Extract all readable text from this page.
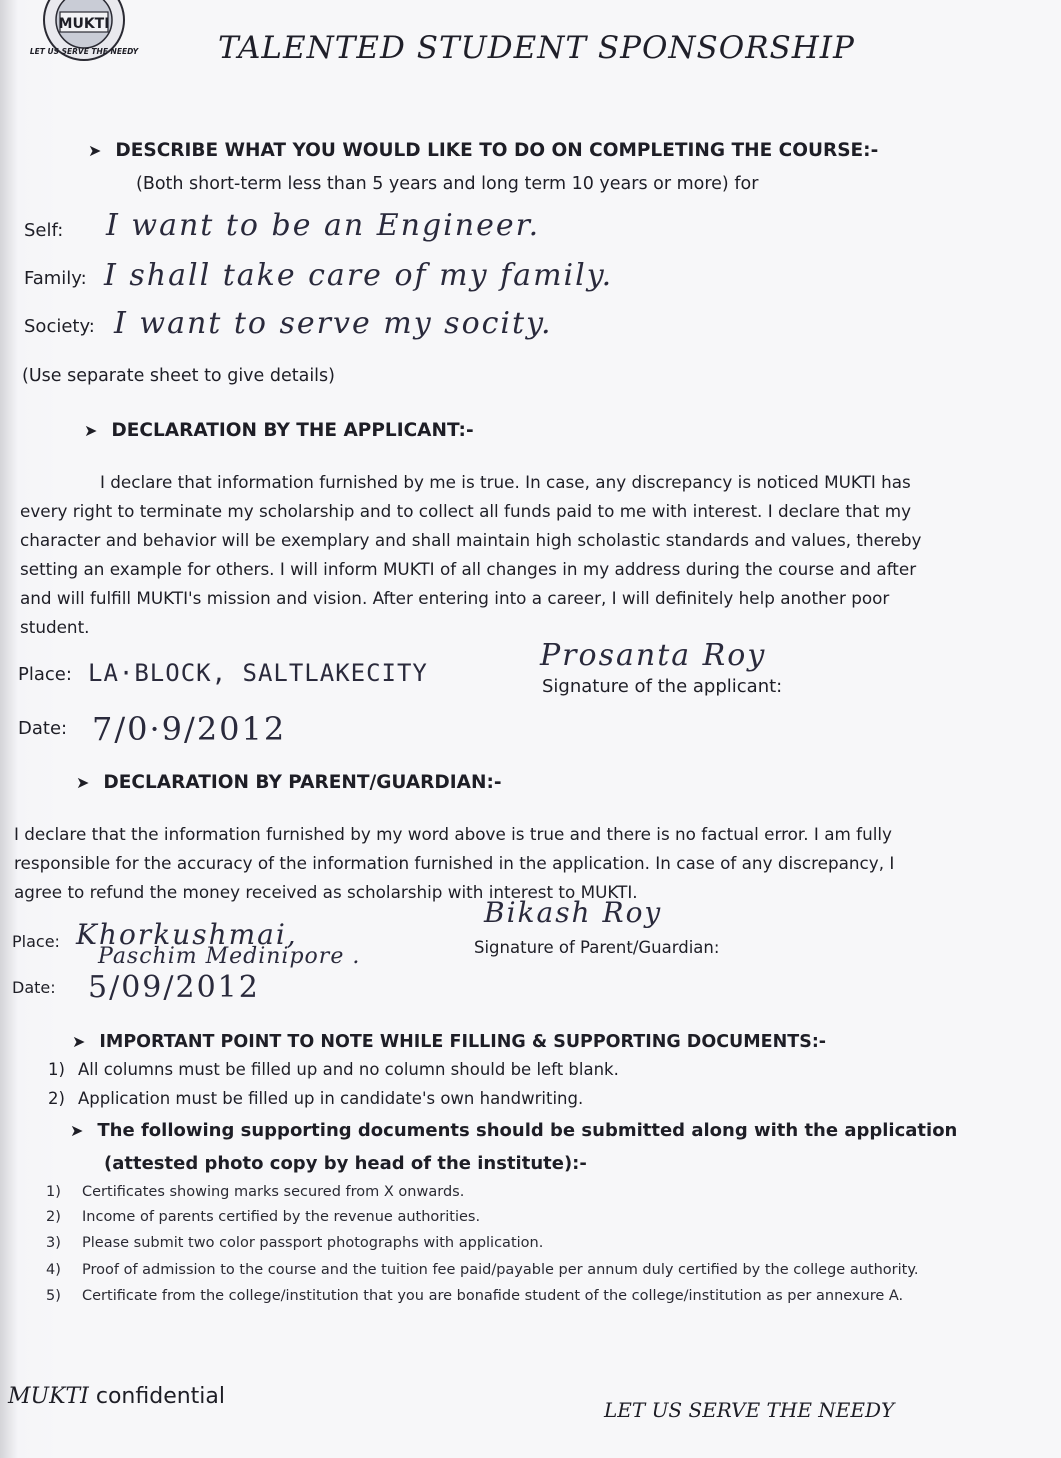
MUKTI
LET US SERVE THE NEEDY	TALENTED STUDENT SPONSORSHIP
➤ DESCRIBE WHAT YOU WOULD LIKE TO DO ON COMPLETING THE COURSE:-
(Both short-term less than 5 years and long term 10 years or more) for
Self: I want to be an Engineer.
Family: I shall take care of my family.
Society: I want to serve my socity.
(Use separate sheet to give details)
➤ DECLARATION BY THE APPLICANT:-
I declare that information furnished by me is true. In case, any discrepancy is noticed MUKTI has
every right to terminate my scholarship and to collect all funds paid to me with interest. I declare that my
character and behavior will be exemplary and shall maintain high scholastic standards and values, thereby
setting an example for others. I will inform MUKTI of all changes in my address during the course and after
and will fulfill MUKTI's mission and vision. After entering into a career, I will definitely help another poor
student.
Place: LA·BLOCK, SALTLAKECITY	Prosanta Roy
Signature of the applicant:
Date: 7/0·9/2012
➤ DECLARATION BY PARENT/GUARDIAN:-
I declare that the information furnished by my word above is true and there is no factual error. I am fully
responsible for the accuracy of the information furnished in the application. In case of any discrepancy, I
agree to refund the money received as scholarship with interest to MUKTI.
Place: Khorkushmai,
Paschim Medinipore .
Bikash Roy
Signature of Parent/Guardian:
Date: 5/09/2012
➤ IMPORTANT POINT TO NOTE WHILE FILLING & SUPPORTING DOCUMENTS:-
1) All columns must be filled up and no column should be left blank.
2) Application must be filled up in candidate's own handwriting.
➤ The following supporting documents should be submitted along with the application
(attested photo copy by head of the institute):-
1) Certificates showing marks secured from X onwards.
2) Income of parents certified by the revenue authorities.
3) Please submit two color passport photographs with application.
4) Proof of admission to the course and the tuition fee paid/payable per annum duly certified by the college authority.
5) Certificate from the college/institution that you are bonafide student of the college/institution as per annexure A.
MUKTI confidential
LET US SERVE THE NEEDY
